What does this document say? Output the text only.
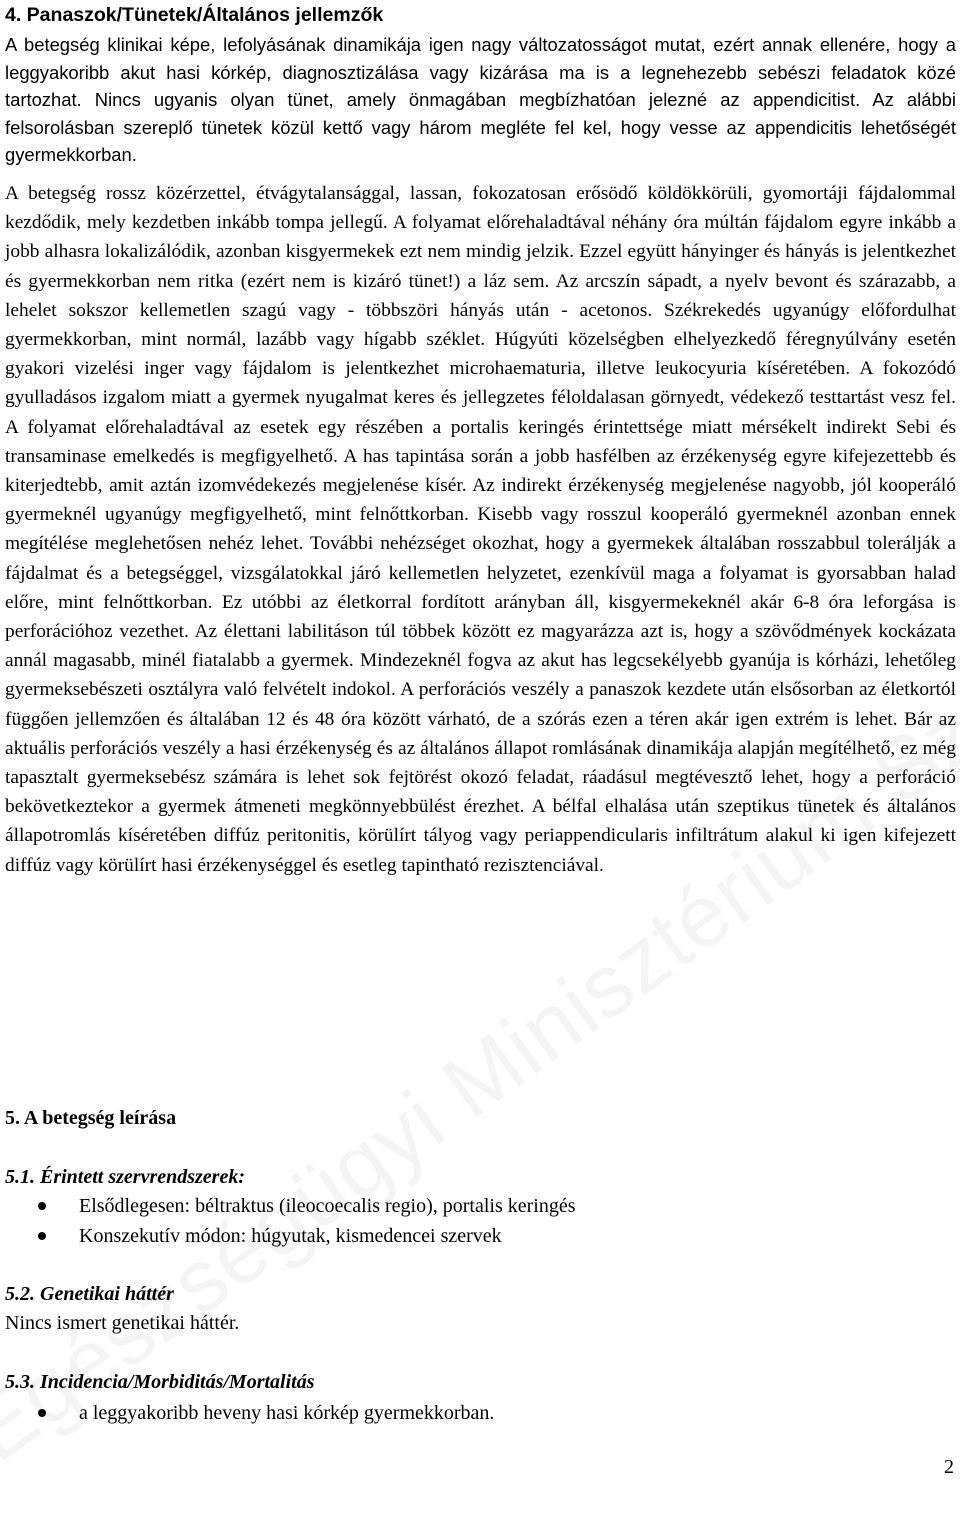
4. Panaszok/Tünetek/Általános jellemzők

A betegség klinikai képe, lefolyásának dinamikája igen nagy változatosságot mutat, ezért annak ellenére, hogy a leggyakoribb akut hasi kórkép, diagnosztizálása vagy kizárása ma is a legnehezebb sebészi feladatok közé tartozhat. Nincs ugyanis olyan tünet, amely önmagában megbízhatóan jelezné az appendicitist. Az alábbi felsorolásban szereplő tünetek közül kettő vagy három megléte fel kel, hogy vesse az appendicitis lehetőségét gyermekkorban.

A betegség rossz közérzettel, étvágytalansággal, lassan, fokozatosan erősödő köldökkörüli, gyomortáji fájdalommal kezdődik, mely kezdetben inkább tompa jellegű. A folyamat előrehaladtával néhány óra múltán fájdalom egyre inkább a jobb alhasra lokalizálódik, azonban kisgyermekek ezt nem mindig jelzik. Ezzel együtt hányinger és hányás is jelentkezhet és gyermekkorban nem ritka (ezért nem is kizáró tünet!) a láz sem. Az arcszín sápadt, a nyelv bevont és szárazabb, a lehelet sokszor kellemetlen szagú vagy - többszöri hányás után - acetonos. Székrekedés ugyanúgy előfordulhat gyermekkorban, mint normál, lazább vagy hígabb széklet. Húgyúti közelségben elhelyezkedő féregnyúlvány esetén gyakori vizelési inger vagy fájdalom is jelentkezhet microhaematuria, illetve leukocyuria kíséretében. A fokozódó gyulladásos izgalom miatt a gyermek nyugalmat keres és jellegzetes féloldalasan görnyedt, védekező testtartást vesz fel. A folyamat előrehaladtával az esetek egy részében a portalis keringés érintettsége miatt mérsékelt indirekt Sebi és transaminase emelkedés is megfigyelhető. A has tapintása során a jobb hasfélben az érzékenység egyre kifejezettebb és kiterjedtebb, amit aztán izomvédekezés megjelenése kísér. Az indirekt érzékenység megjelenése nagyobb, jól kooperáló gyermeknél ugyanúgy megfigyelhető, mint felnőttkorban. Kisebb vagy rosszul kooperáló gyermeknél azonban ennek megítélése meglehetősen nehéz lehet. További nehézséget okozhat, hogy a gyermekek általában rosszabbul tolerálják a fájdalmat és a betegséggel, vizsgálatokkal járó kellemetlen helyzetet, ezenkívül maga a folyamat is gyorsabban halad előre, mint felnőttkorban. Ez utóbbi az életkorral fordított arányban áll, kisgyermekeknél akár 6-8 óra leforgása is perforációhoz vezethet. Az élettani labilitáson túl többek között ez magyarázza azt is, hogy a szövődmények kockázata annál magasabb, minél fiatalabb a gyermek. Mindezeknél fogva az akut has legcsekélyebb gyanúja is kórházi, lehetőleg gyermeksebészeti osztályra való felvételt indokol. A perforációs veszély a panaszok kezdete után elsősorban az életkortól függően jellemzően és általában 12 és 48 óra között várható, de a szórás ezen a téren akár igen extrém is lehet. Bár az aktuális perforációs veszély a hasi érzékenység és az általános állapot romlásának dinamikája alapján megítélhető, ez még tapasztalt gyermeksebész számára is lehet sok fejtörést okozó feladat, ráadásul megtévesztő lehet, hogy a perforáció bekövetkeztekor a gyermek átmeneti megkönnyebbülést érezhet. A bélfal elhalása után szeptikus tünetek és általános állapotromlás kíséretében diffúz peritonitis, körülírt tályog vagy periappendicularis infiltrátum alakul ki igen kifejezett diffúz vagy körülírt hasi érzékenységgel és esetleg tapintható rezisztenciával.

5. A betegség leírása
5.1. Érintett szervrendszerek:
Elsődlegesen: béltraktus (ileocoecalis regio), portalis keringés
Konszekutív módon: húgyutak, kismedencei szervek
5.2. Genetikai háttér

Nincs ismert genetikai háttér.

5.3. Incidencia/Morbiditás/Mortalitás
a leggyakoribb heveny hasi kórkép gyermekkorban.
2
